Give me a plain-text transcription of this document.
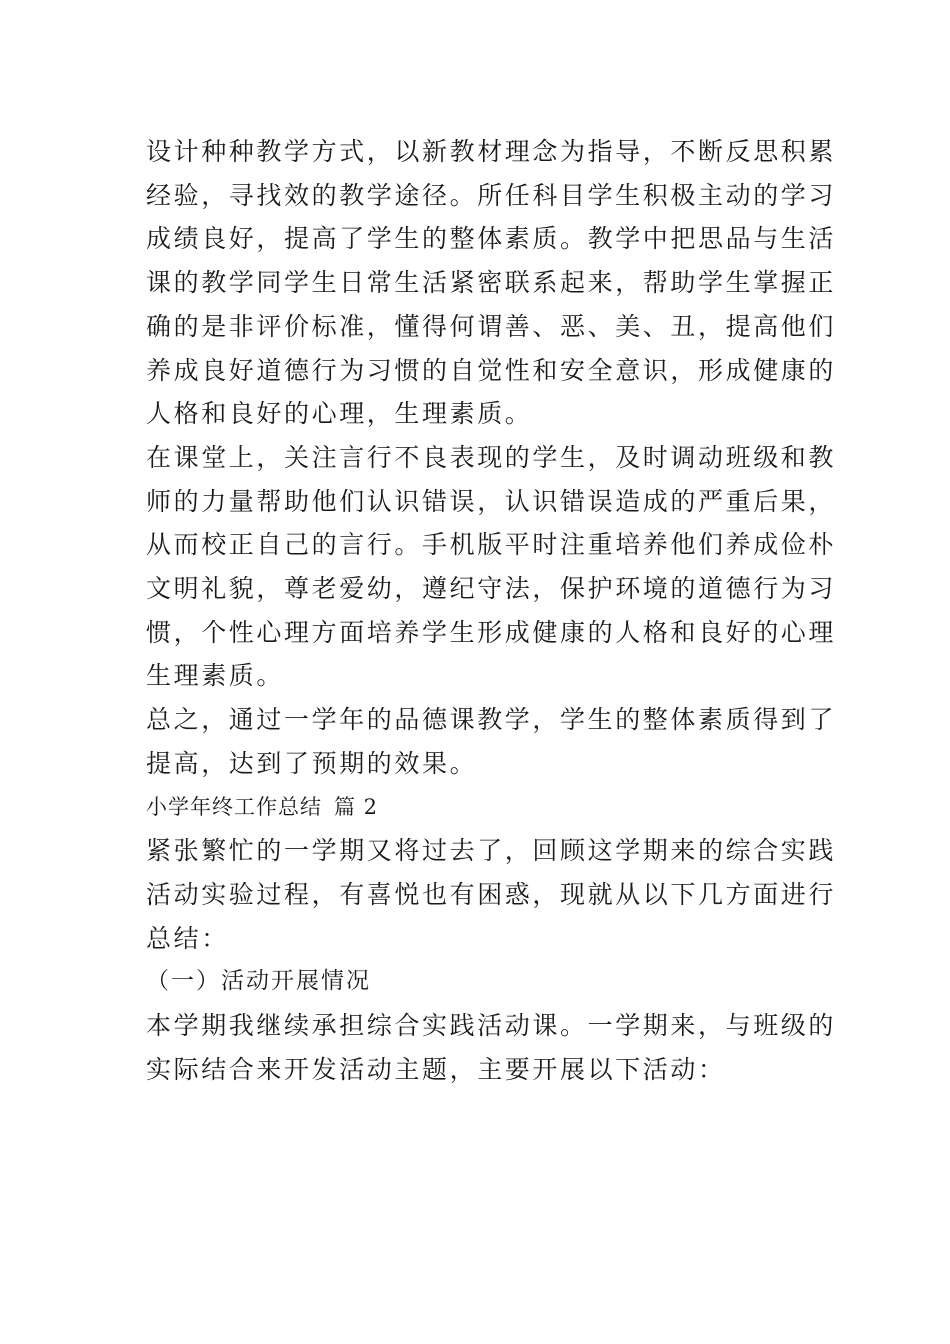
设计种种教学方式，以新教材理念为指导，不断反思积累

经验，寻找效的教学途径。所任科目学生积极主动的学习

成绩良好，提高了学生的整体素质。教学中把思品与生活

课的教学同学生日常生活紧密联系起来，帮助学生掌握正

确的是非评价标准，懂得何谓善、恶、美、丑，提高他们

养成良好道德行为习惯的自觉性和安全意识，形成健康的

人格和良好的心理，生理素质。

在课堂上，关注言行不良表现的学生，及时调动班级和教

师的力量帮助他们认识错误，认识错误造成的严重后果，

从而校正自己的言行。手机版平时注重培养他们养成俭朴

文明礼貌，尊老爱幼，遵纪守法，保护环境的道德行为习

惯，个性心理方面培养学生形成健康的人格和良好的心理

生理素质。

总之，通过一学年的品德课教学，学生的整体素质得到了

提高，达到了预期的效果。

小学年终工作总结 篇 2

紧张繁忙的一学期又将过去了，回顾这学期来的综合实践

活动实验过程，有喜悦也有困惑，现就从以下几方面进行

总结：

（一）活动开展情况

本学期我继续承担综合实践活动课。一学期来，与班级的

实际结合来开发活动主题，主要开展以下活动：
